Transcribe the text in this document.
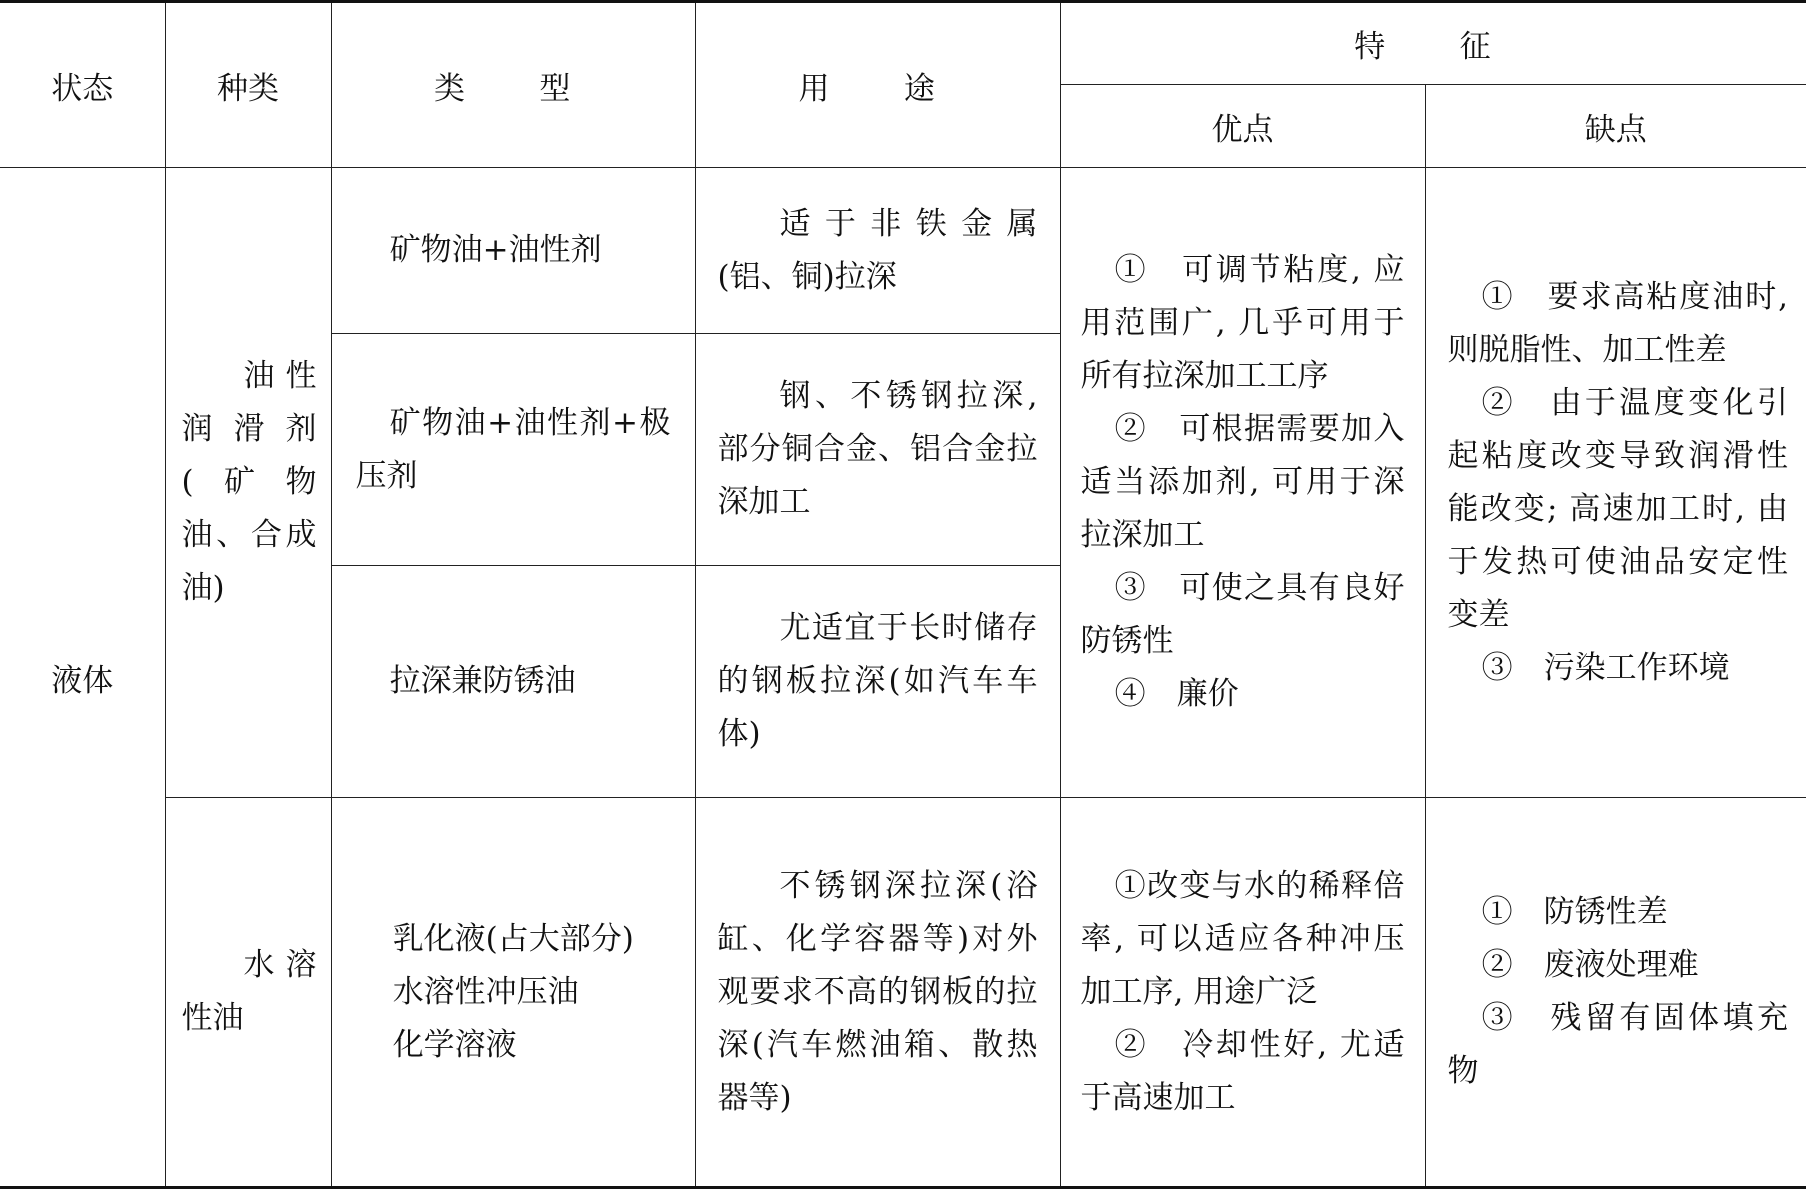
状态	种类	类　型	用　途	特　征	
				优点	缺点
液体	油性润滑剂(矿物油、合成油)	矿物油+油性剂	适于非铁金属(铝、铜)拉深	①　可调节粘度, 应用范围广, 几乎可用于所有拉深加工工序
②　可根据需要加入适当添加剂, 可用于深拉深加工
③　可使之具有良好防锈性
④　廉价	①　要求高粘度油时, 则脱脂性、加工性差
②　由于温度变化引起粘度改变导致润滑性能改变; 高速加工时, 由于发热可使油品安定性变差
③　污染工作环境

		矿物油+油性剂+极压剂	钢、不锈钢拉深, 部分铜合金、铝合金拉深加工		

		拉深兼防锈油	尤适宜于长时储存的钢板拉深(如汽车车体)		

	水溶性油	乳化液(占大部分)
水溶性冲压油
化学溶液	不锈钢深拉深(浴缸、化学容器等)对外观要求不高的钢板的拉深(汽车燃油箱、散热器等)	①改变与水的稀释倍率, 可以适应各种冲压加工序, 用途广泛
②　冷却性好, 尤适于高速加工	①　防锈性差
②　废液处理难
③　残留有固体填充物
